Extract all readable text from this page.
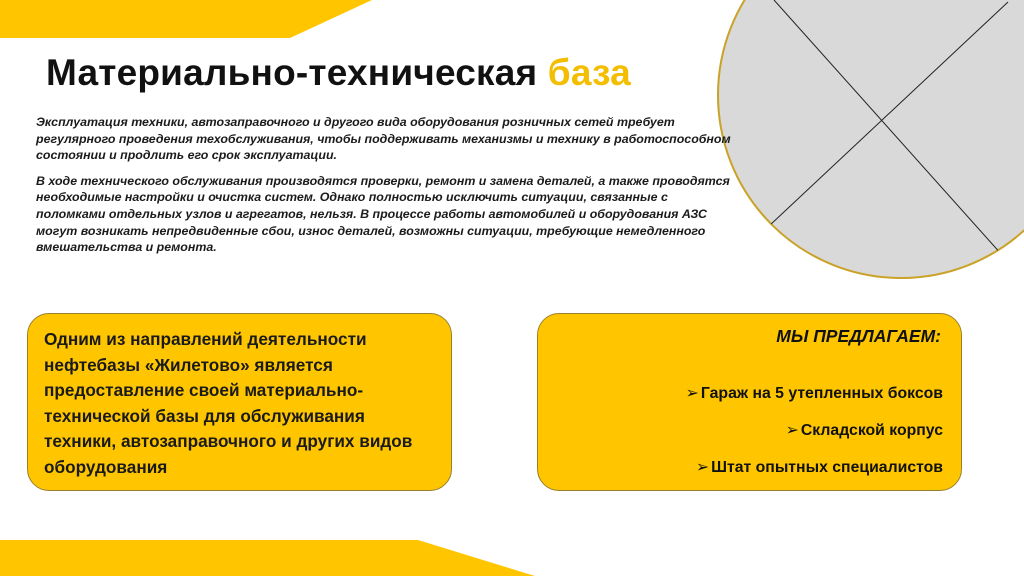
Материально-техническая база

Эксплуатация техники, автозаправочного и другого вида оборудования розничных сетей требует регулярного проведения техобслуживания, чтобы поддерживать механизмы и технику в работоспособном состоянии и продлить его срок эксплуатации.

В ходе технического обслуживания производятся проверки, ремонт и замена деталей, а также проводятся необходимые настройки и очистка систем. Однако полностью исключить ситуации, связанные с поломками отдельных узлов и агрегатов, нельзя. В процессе работы автомобилей и оборудования АЗС могут возникать непредвиденные сбои, износ деталей, возможны ситуации, требующие немедленного вмешательства и ремонта.

Одним из направлений деятельности нефтебазы «Жилетово» является предоставление своей материально-технической базы для обслуживания техники, автозаправочного и других видов оборудования

МЫ ПРЕДЛАГАЕМ:

➢ Гараж на 5 утепленных боксов
➢ Складской корпус
➢ Штат опытных специалистов
